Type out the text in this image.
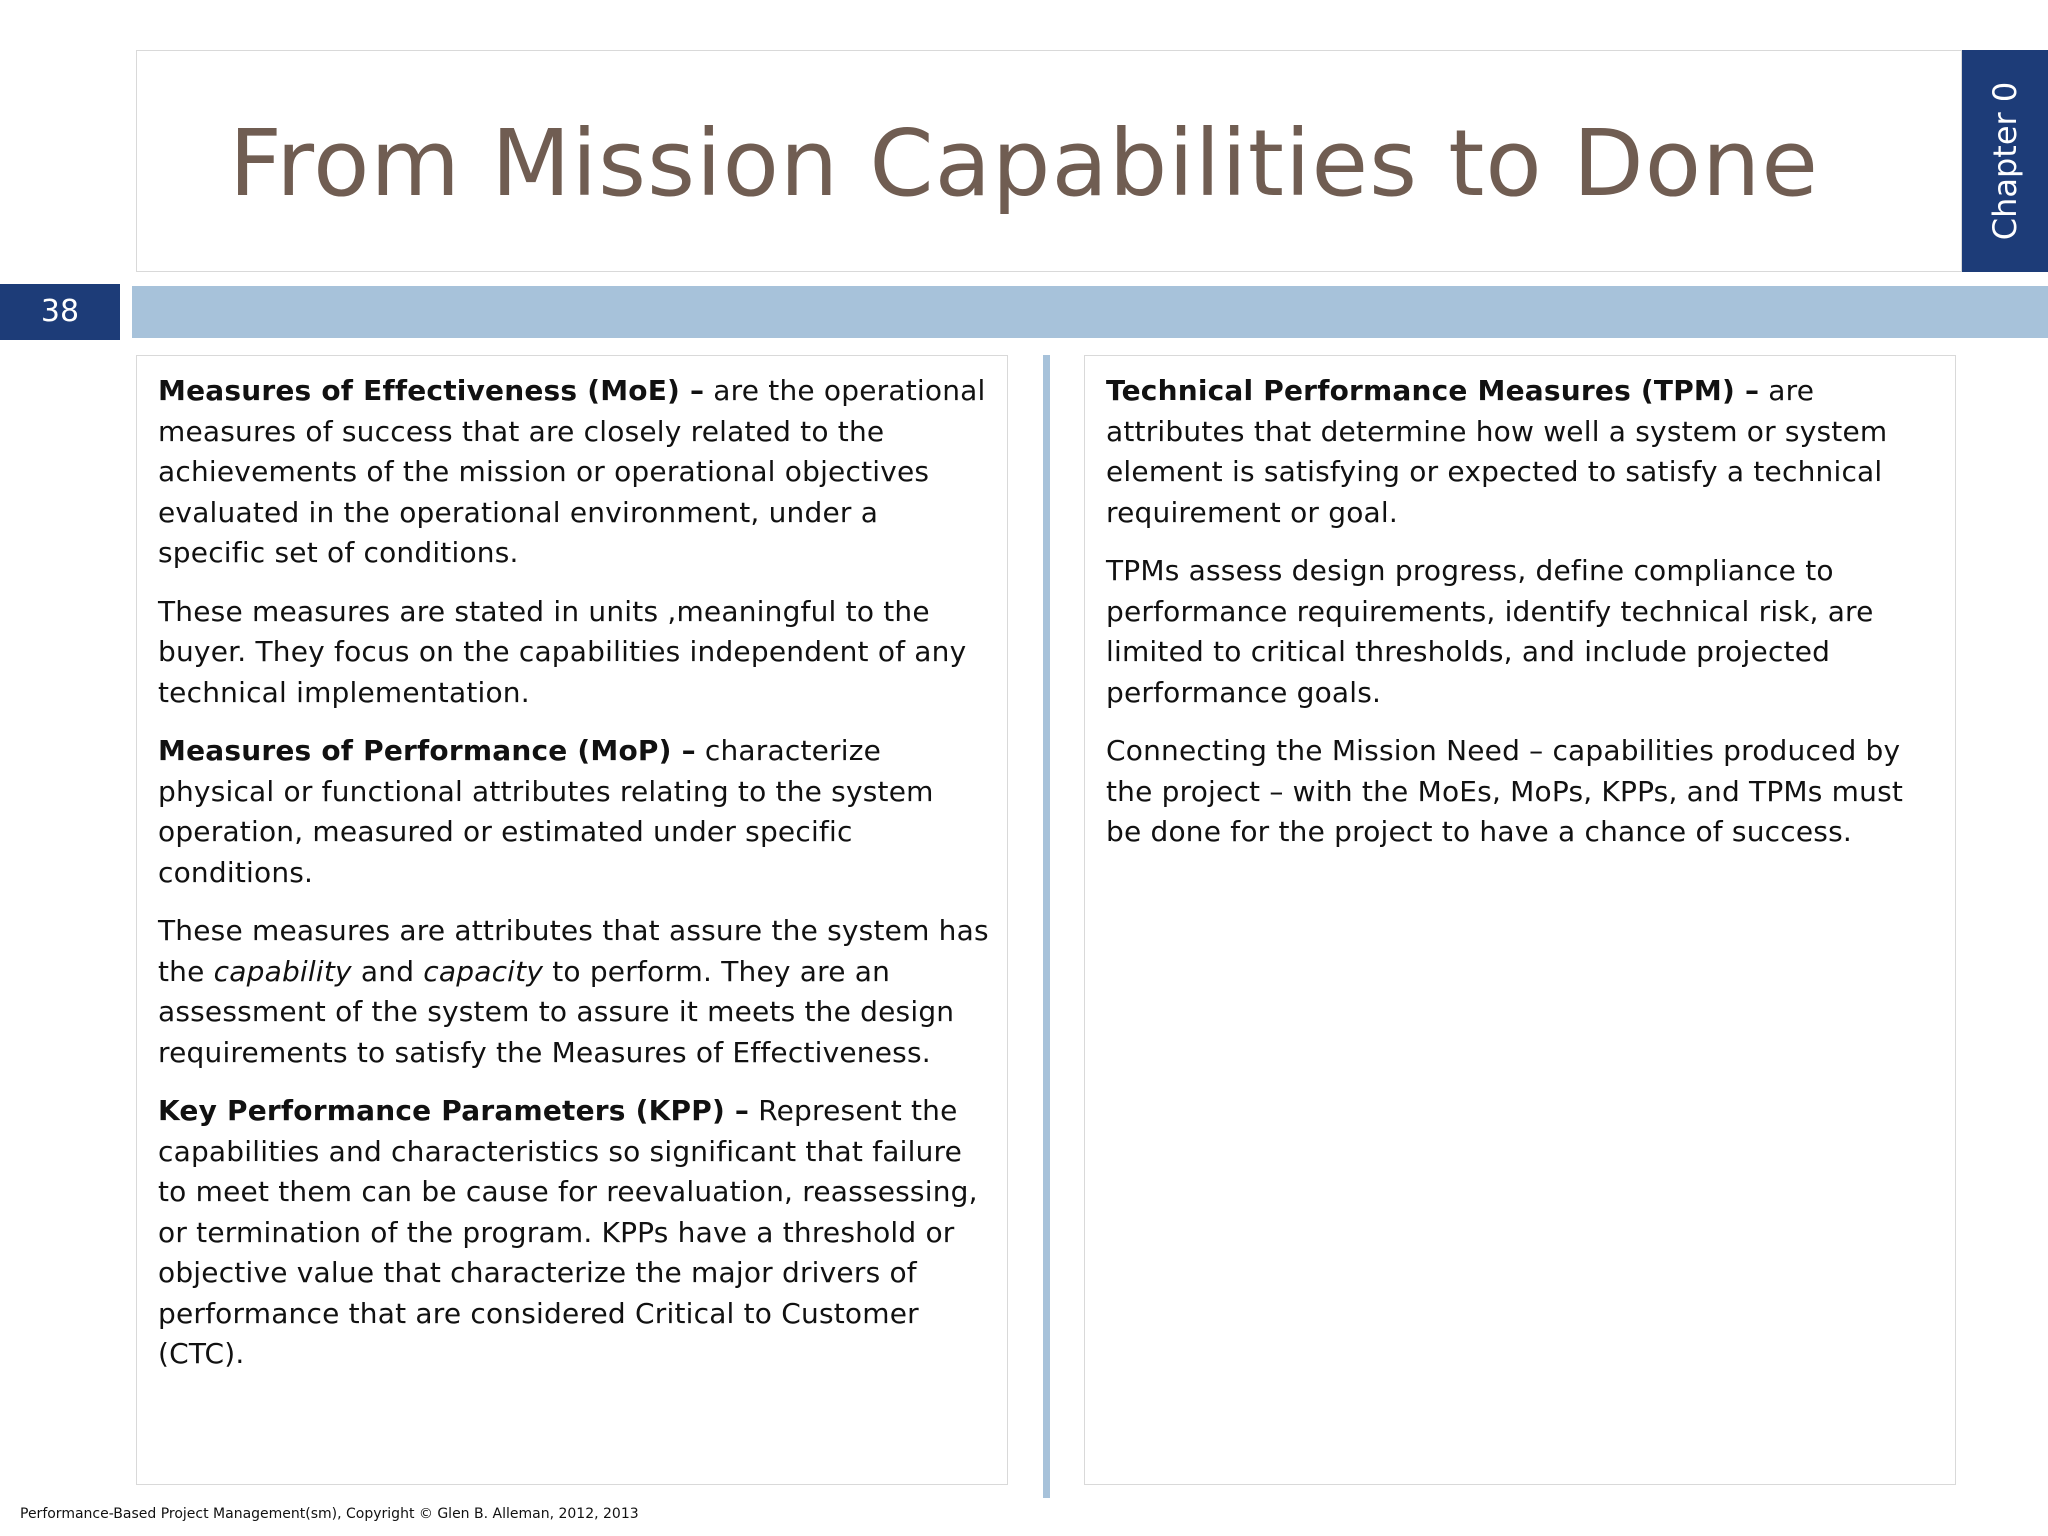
From Mission Capabilities to Done	Chapter 0
38

Measures of Effectiveness (MoE) – are the operational measures of success that are closely related to the achievements of the mission or operational objectives evaluated in the operational environment, under a specific set of conditions.

These measures are stated in units ,meaningful to the buyer. They focus on the capabilities independent of any technical implementation.

Measures of Performance (MoP) – characterize physical or functional attributes relating to the system operation, measured or estimated under specific conditions.

These measures are attributes that assure the system has the capability and capacity to perform. They are an assessment of the system to assure it meets the design requirements to satisfy the Measures of Effectiveness.

Key Performance Parameters (KPP) – Represent the capabilities and characteristics so significant that failure to meet them can be cause for reevaluation, reassessing, or termination of the program. KPPs have a threshold or objective value that characterize the major drivers of performance that are considered Critical to Customer (CTC).

Technical Performance Measures (TPM) – are attributes that determine how well a system or system element is satisfying or expected to satisfy a technical requirement or goal.

TPMs assess design progress, define compliance to performance requirements, identify technical risk, are limited to critical thresholds, and include projected performance goals.

Connecting the Mission Need – capabilities produced by the project – with the MoEs, MoPs, KPPs, and TPMs must be done for the project to have a chance of success.

Performance-Based Project Management(sm), Copyright © Glen B. Alleman, 2012, 2013
